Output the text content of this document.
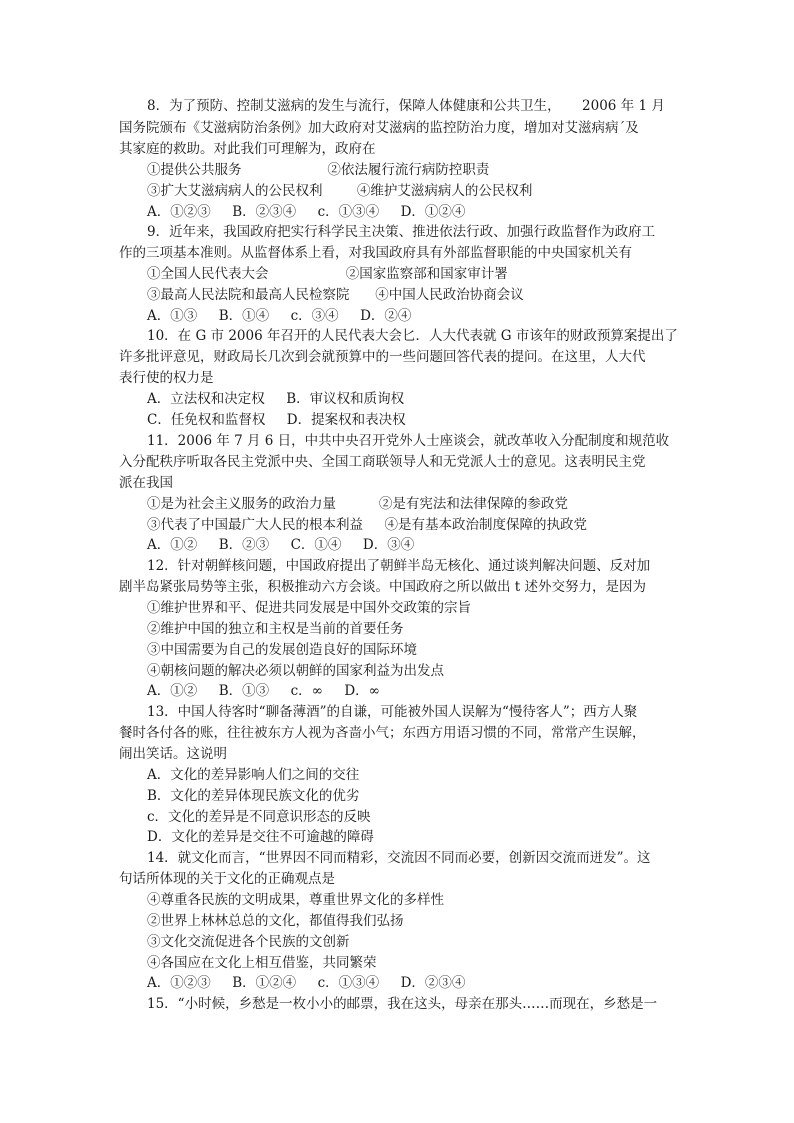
8．为了预防、控制艾滋病的发生与流行，保障人体健康和公共卫生，     2006 年 1 月
国务院颁布《艾滋病防治条例》加大政府对艾滋病的监控防治力度，增加对艾滋病病´及
其家庭的救助。对此我们可理解为，政府在
①提供公共服务                    ②依法履行流行病防控职责
③扩大艾滋病病人的公民权利        ④维护艾滋病病人的公民权利
A．①②③     B．②③④     c．①③④     D．①②④
9．近年来，我国政府把实行科学民主决策、推进依法行政、加强行政监督作为政府工
作的三项基本准则。从监督体系上看，对我国政府具有外部监督职能的中央国家机关有
①全国人民代表大会                  ②国家监察部和国家审计署
③最高人民法院和最高人民检察院      ④中国人民政治协商会议
A．①③     B．①④     c．③④     D．②④
10．在 G 市 2006 年召开的人民代表大会匕．人大代表就 G 市该年的财政预算案提出了
许多批评意见，财政局长几次到会就预算中的一些问题回答代表的提问。在这里，人大代
表行使的权力是
A．立法权和决定权     B．审议权和质询权
C．任免权和监督权     D．提案权和表决权
11．2006 年 7 月 6 日，中共中央召开党外人士座谈会，就改革收入分配制度和规范收
入分配秩序听取各民主党派中央、全国工商联领导人和无党派人士的意见。这表明民主党
派在我国
①是为社会主义服务的政治力量          ②是有宪法和法律保障的参政党
③代表了中国最广大人民的根本利益     ④是有基本政治制度保障的执政党
A．①②     B．②③     C．①④     D．③④
12．针对朝鲜核问题，中国政府提出了朝鲜半岛无核化、通过谈判解决问题、反对加
剧半岛紧张局势等主张，积极推动六方会谈。中国政府之所以做出 t 述外交努力，是因为
①维护世界和平、促进共同发展是中国外交政策的宗旨
②维护中国的独立和主权是当前的首要任务
③中国需要为自己的发展创造良好的国际环境
④朝核问题的解决必须以朝鲜的国家利益为出发点
A．①②     B．①③     c．∞     D．∞
13．中国人待客时“聊备薄酒”的自谦，可能被外国人误解为“慢待客人”；西方人聚
餐时各付各的账，往往被东方人视为吝啬小气；东西方用语习惯的不同，常常产生误解，
闹出笑话。这说明
A．文化的差异影响人们之间的交往
B．文化的差异体现民族文化的优劣
c．文化的差异是不同意识形态的反映
D．文化的差异是交往不可逾越的障碍
14．就文化而言，“世界因不同而精彩，交流因不同而必要，创新因交流而迸发”。这
句话所体现的关于文化的正确观点是
④尊重各民族的文明成果，尊重世界文化的多样性
②世界上林林总总的文化，都值得我们弘扬
③文化交流促进各个民族的文创新
④各国应在文化上相互借鉴，共同繁荣
A．①②③     B．①②④     c．①③④     D．②③④
15．“小时候，乡愁是一枚小小的邮票，我在这头，母亲在那头……而现在，乡愁是一
